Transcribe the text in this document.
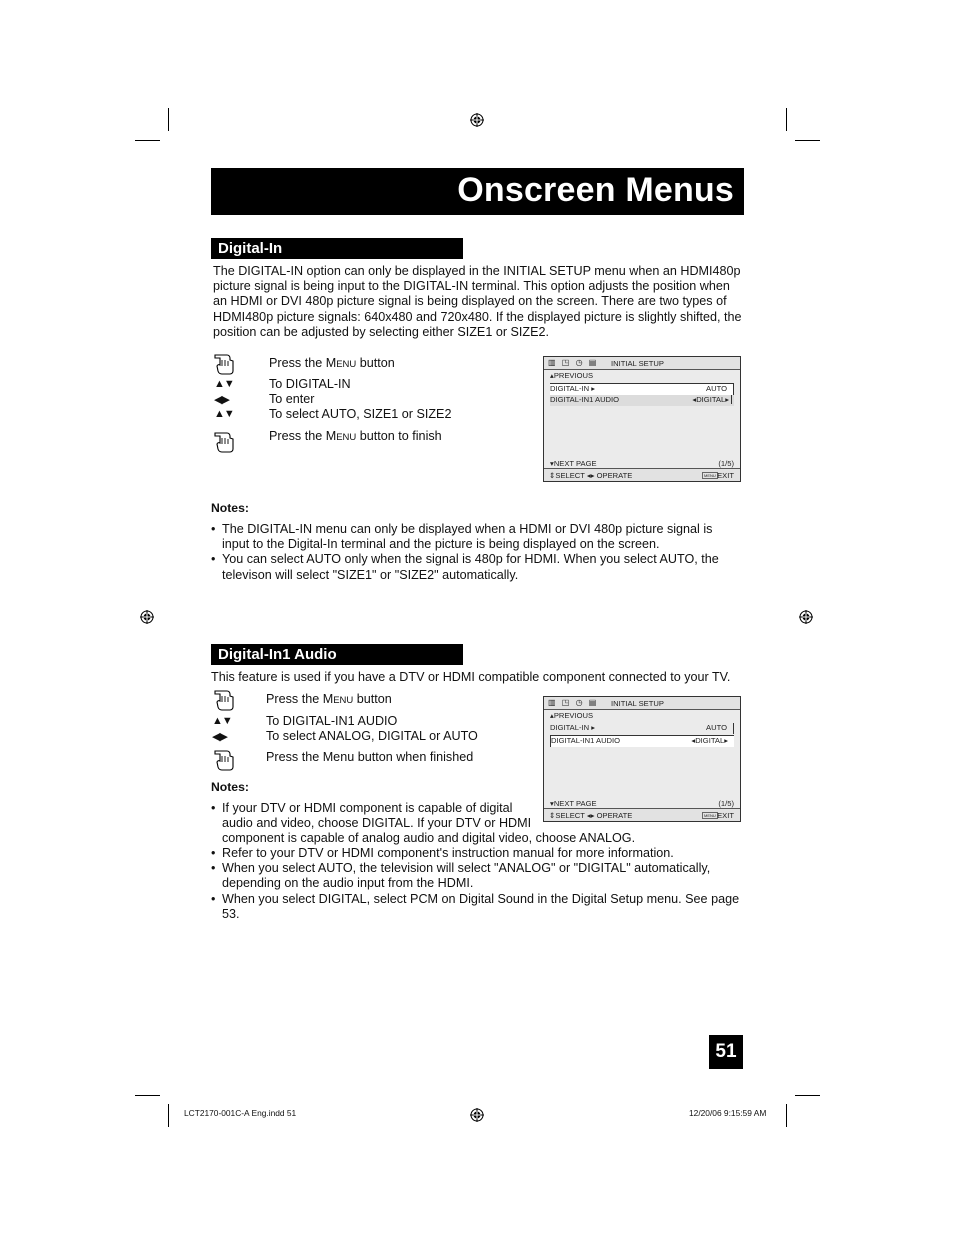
Onscreen Menus
Digital-In
The DIGITAL-IN option can only be displayed in the INITIAL SETUP menu when an HDMI480p picture signal is being input to the DIGITAL-IN terminal. This option adjusts the position when an HDMI or DVI 480p picture signal is being displayed on the screen. There are two types of HDMI480p picture signals: 640x480 and 720x480. If the displayed picture is slightly shifted, the position can be adjusted by selecting either SIZE1 or SIZE2.
Press the MENU button
▲▼	To DIGITAL-IN
◀▶	To enter
▲▼	To select AUTO, SIZE1 or SIZE2
Press the MENU button to finish
▥ ◳ ◷ ▤ INITIAL SETUP
▴PREVIOUS
DIGITAL-IN ▸	AUTO
DIGITAL-IN1 AUDIO	◂DIGITAL▸
▾NEXT PAGE	(1/5)
⇕SELECT ◂▸ OPERATE	MENU EXIT
Notes:
• The DIGITAL-IN menu can only be displayed when a HDMI or DVI 480p picture signal is input to the Digital-In terminal and the picture is being displayed on the screen.
• You can select AUTO only when the signal is 480p for HDMI. When you select AUTO, the televison will select "SIZE1" or "SIZE2" automatically.
Digital-In1 Audio
This feature is used if you have a DTV or HDMI compatible component connected to your TV.
Press the MENU button
▲▼	To DIGITAL-IN1 AUDIO
◀▶	To select ANALOG, DIGITAL or AUTO
Press the Menu button when finished
▥ ◳ ◷ ▤ INITIAL SETUP
▴PREVIOUS
DIGITAL-IN ▸	AUTO
DIGITAL-IN1 AUDIO	◂DIGITAL▸
▾NEXT PAGE	(1/5)
⇕SELECT ◂▸ OPERATE	MENU EXIT
Notes:
• If your DTV or HDMI component is capable of digital
audio and video, choose DIGITAL. If your DTV or HDMI
component is capable of analog audio and digital video, choose ANALOG.
• Refer to your DTV or HDMI component's instruction manual for more information.
• When you select AUTO, the television will select "ANALOG" or "DIGITAL" automatically, depending on the audio input from the HDMI.
• When you select DIGITAL, select PCM on Digital Sound in the Digital Setup menu. See page 53.
51
LCT2170-001C-A Eng.indd 51	12/20/06 9:15:59 AM
